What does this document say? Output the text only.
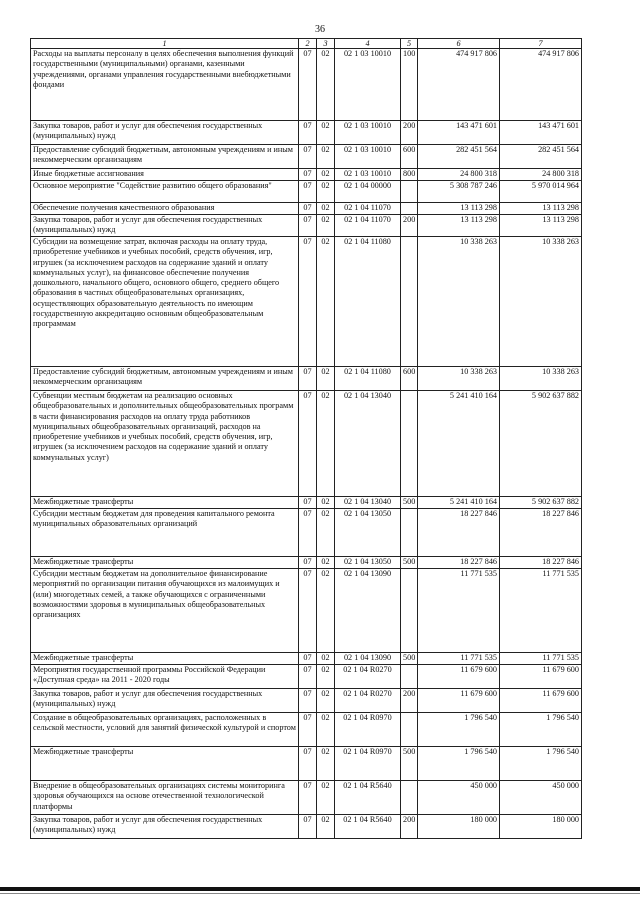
36
1	2	3	4	5	6	7
Расходы на выплаты персоналу в целях обеспечения выполнения функций государственными (муниципальными) органами, казенными учреждениями, органами управления государственными внебюджетными фондами	07	02	02 1 03 10010	100	474 917 806	474 917 806
Закупка товаров, работ и услуг для обеспечения государственных (муниципальных) нужд	07	02	02 1 03 10010	200	143 471 601	143 471 601
Предоставление субсидий бюджетным, автономным учреждениям и иным некоммерческим организациям	07	02	02 1 03 10010	600	282 451 564	282 451 564
Иные бюджетные ассигнования	07	02	02 1 03 10010	800	24 800 318	24 800 318
Основное мероприятие "Содействие развитию общего образования"	07	02	02 1 04 00000		5 308 787 246	5 970 014 964
Обеспечение получения качественного образования	07	02	02 1 04 11070		13 113 298	13 113 298
Закупка товаров, работ и услуг для обеспечения государственных (муниципальных) нужд	07	02	02 1 04 11070	200	13 113 298	13 113 298
Субсидии на возмещение затрат, включая расходы на оплату труда, приобретение учебников и учебных пособий, средств обучения, игр, игрушек (за исключением расходов на содержание зданий и оплату коммунальных услуг), на финансовое обеспечение получения дошкольного, начального общего, основного общего, среднего общего образования в частных общеобразовательных организациях, осуществляющих образовательную деятельность по имеющим государственную аккредитацию основным общеобразовательным программам	07	02	02 1 04 11080		10 338 263	10 338 263
Предоставление субсидий бюджетным, автономным учреждениям и иным некоммерческим организациям	07	02	02 1 04 11080	600	10 338 263	10 338 263
Субвенции местным бюджетам на реализацию основных общеобразовательных и дополнительных общеобразовательных программ в части финансирования расходов на оплату труда работников муниципальных общеобразовательных организаций, расходов на приобретение учебников и учебных пособий, средств обучения, игр, игрушек (за исключением расходов на содержание зданий и оплату коммунальных услуг)	07	02	02 1 04 13040		5 241 410 164	5 902 637 882
Межбюджетные трансферты	07	02	02 1 04 13040	500	5 241 410 164	5 902 637 882
Субсидии местным бюджетам для проведения капитального ремонта муниципальных образовательных организаций	07	02	02 1 04 13050		18 227 846	18 227 846
Межбюджетные трансферты	07	02	02 1 04 13050	500	18 227 846	18 227 846
Субсидии местным бюджетам на дополнительное финансирование мероприятий по организации питания обучающихся из малоимущих и (или) многодетных семей, а также обучающихся с ограниченными возможностями здоровья в муниципальных общеобразовательных организациях	07	02	02 1 04 13090		11 771 535	11 771 535
Межбюджетные трансферты	07	02	02 1 04 13090	500	11 771 535	11 771 535
Мероприятия государственной программы Российской Федерации «Доступная среда» на 2011 - 2020 годы	07	02	02 1 04 R0270		11 679 600	11 679 600
Закупка товаров, работ и услуг для обеспечения государственных (муниципальных) нужд	07	02	02 1 04 R0270	200	11 679 600	11 679 600
Создание в общеобразовательных организациях, расположенных в сельской местности, условий для занятий физической культурой и спортом	07	02	02 1 04 R0970		1 796 540	1 796 540
Межбюджетные трансферты	07	02	02 1 04 R0970	500	1 796 540	1 796 540
Внедрение в общеобразовательных организациях системы мониторинга здоровья обучающихся на основе отечественной технологической платформы	07	02	02 1 04 R5640		450 000	450 000
Закупка товаров, работ и услуг для обеспечения государственных (муниципальных) нужд	07	02	02 1 04 R5640	200	180 000	180 000
